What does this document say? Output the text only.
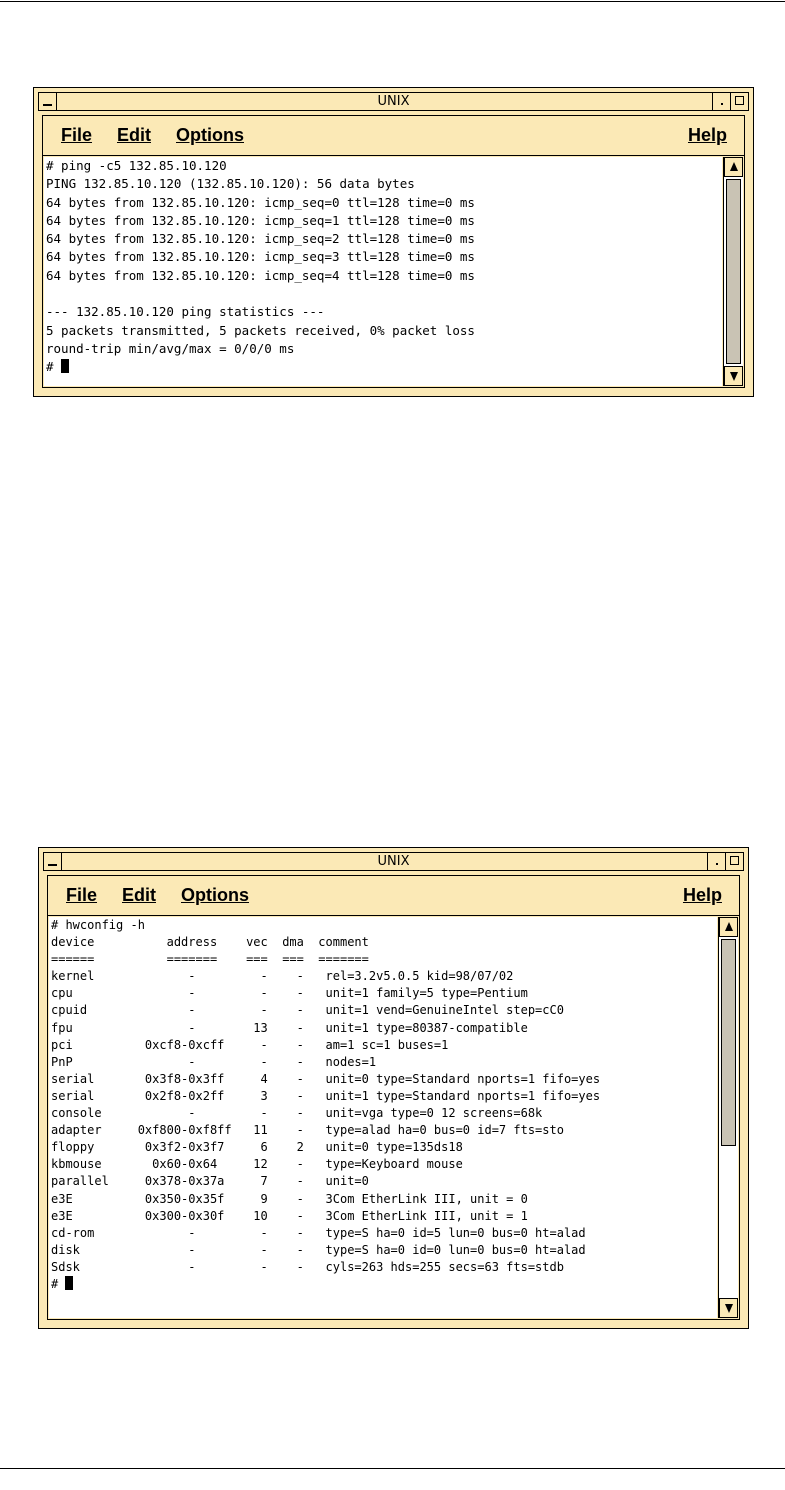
UNIX
File Edit Options	Help
# ping -c5 132.85.10.120
PING 132.85.10.120 (132.85.10.120): 56 data bytes
64 bytes from 132.85.10.120: icmp_seq=0 ttl=128 time=0 ms
64 bytes from 132.85.10.120: icmp_seq=1 ttl=128 time=0 ms
64 bytes from 132.85.10.120: icmp_seq=2 ttl=128 time=0 ms
64 bytes from 132.85.10.120: icmp_seq=3 ttl=128 time=0 ms
64 bytes from 132.85.10.120: icmp_seq=4 ttl=128 time=0 ms

--- 132.85.10.120 ping statistics ---
5 packets transmitted, 5 packets received, 0% packet loss
round-trip min/avg/max = 0/0/0 ms
#
UNIX
File Edit Options	Help
# hwconfig -h
device          address    vec  dma  comment
======          =======    ===  ===  =======
kernel             -         -    -   rel=3.2v5.0.5 kid=98/07/02
cpu                -         -    -   unit=1 family=5 type=Pentium
cpuid              -         -    -   unit=1 vend=GenuineIntel step=cC0
fpu                -        13    -   unit=1 type=80387-compatible
pci          0xcf8-0xcff     -    -   am=1 sc=1 buses=1
PnP                -         -    -   nodes=1
serial       0x3f8-0x3ff     4    -   unit=0 type=Standard nports=1 fifo=yes
serial       0x2f8-0x2ff     3    -   unit=1 type=Standard nports=1 fifo=yes
console            -         -    -   unit=vga type=0 12 screens=68k
adapter     0xf800-0xf8ff   11    -   type=alad ha=0 bus=0 id=7 fts=sto
floppy       0x3f2-0x3f7     6    2   unit=0 type=135ds18
kbmouse       0x60-0x64     12    -   type=Keyboard mouse
parallel     0x378-0x37a     7    -   unit=0
e3E          0x350-0x35f     9    -   3Com EtherLink III, unit = 0
e3E          0x300-0x30f    10    -   3Com EtherLink III, unit = 1
cd-rom             -         -    -   type=S ha=0 id=5 lun=0 bus=0 ht=alad
disk               -         -    -   type=S ha=0 id=0 lun=0 bus=0 ht=alad
Sdsk               -         -    -   cyls=263 hds=255 secs=63 fts=stdb
#
